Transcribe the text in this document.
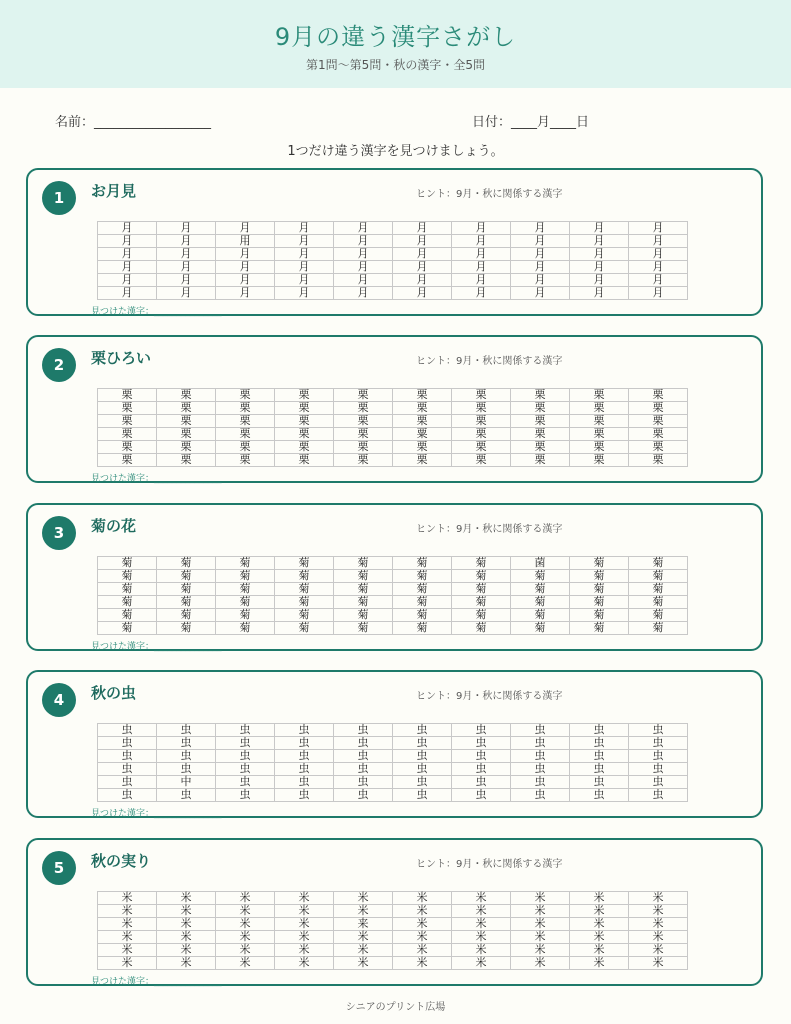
9月の違う漢字さがし
第1問〜第5問・秋の漢字・全5問
名前：__________________	日付：____月____日
1つだけ違う漢字を見つけましょう。
1	お月見	ヒント：9月・秋に関係する漢字
月	月	月	月	月	月	月	月	月	月
月	月	用	月	月	月	月	月	月	月
月	月	月	月	月	月	月	月	月	月
月	月	月	月	月	月	月	月	月	月
月	月	月	月	月	月	月	月	月	月
月	月	月	月	月	月	月	月	月	月
見つけた漢字：_______________
2	栗ひろい	ヒント：9月・秋に関係する漢字
栗	栗	栗	栗	栗	栗	栗	栗	栗	栗
栗	栗	栗	栗	栗	栗	栗	栗	栗	栗
栗	栗	栗	栗	栗	栗	栗	栗	栗	栗
栗	栗	栗	栗	栗	粟	栗	栗	栗	栗
栗	栗	栗	栗	栗	栗	栗	栗	栗	栗
栗	栗	栗	栗	栗	栗	栗	栗	栗	栗
見つけた漢字：_______________
3	菊の花	ヒント：9月・秋に関係する漢字
菊	菊	菊	菊	菊	菊	菊	菌	菊	菊
菊	菊	菊	菊	菊	菊	菊	菊	菊	菊
菊	菊	菊	菊	菊	菊	菊	菊	菊	菊
菊	菊	菊	菊	菊	菊	菊	菊	菊	菊
菊	菊	菊	菊	菊	菊	菊	菊	菊	菊
菊	菊	菊	菊	菊	菊	菊	菊	菊	菊
見つけた漢字：_______________
4	秋の虫	ヒント：9月・秋に関係する漢字
虫	虫	虫	虫	虫	虫	虫	虫	虫	虫
虫	虫	虫	虫	虫	虫	虫	虫	虫	虫
虫	虫	虫	虫	虫	虫	虫	虫	虫	虫
虫	虫	虫	虫	虫	虫	虫	虫	虫	虫
虫	中	虫	虫	虫	虫	虫	虫	虫	虫
虫	虫	虫	虫	虫	虫	虫	虫	虫	虫
見つけた漢字：_______________
5	秋の実り	ヒント：9月・秋に関係する漢字
米	米	米	米	米	米	米	米	米	米
米	米	米	米	米	米	米	米	米	米
米	米	米	米	来	米	米	米	米	米
米	米	米	米	米	米	米	米	米	米
米	米	米	米	米	米	米	米	米	米
米	米	米	米	米	米	米	米	米	米
見つけた漢字：_______________
シニアのプリント広場
